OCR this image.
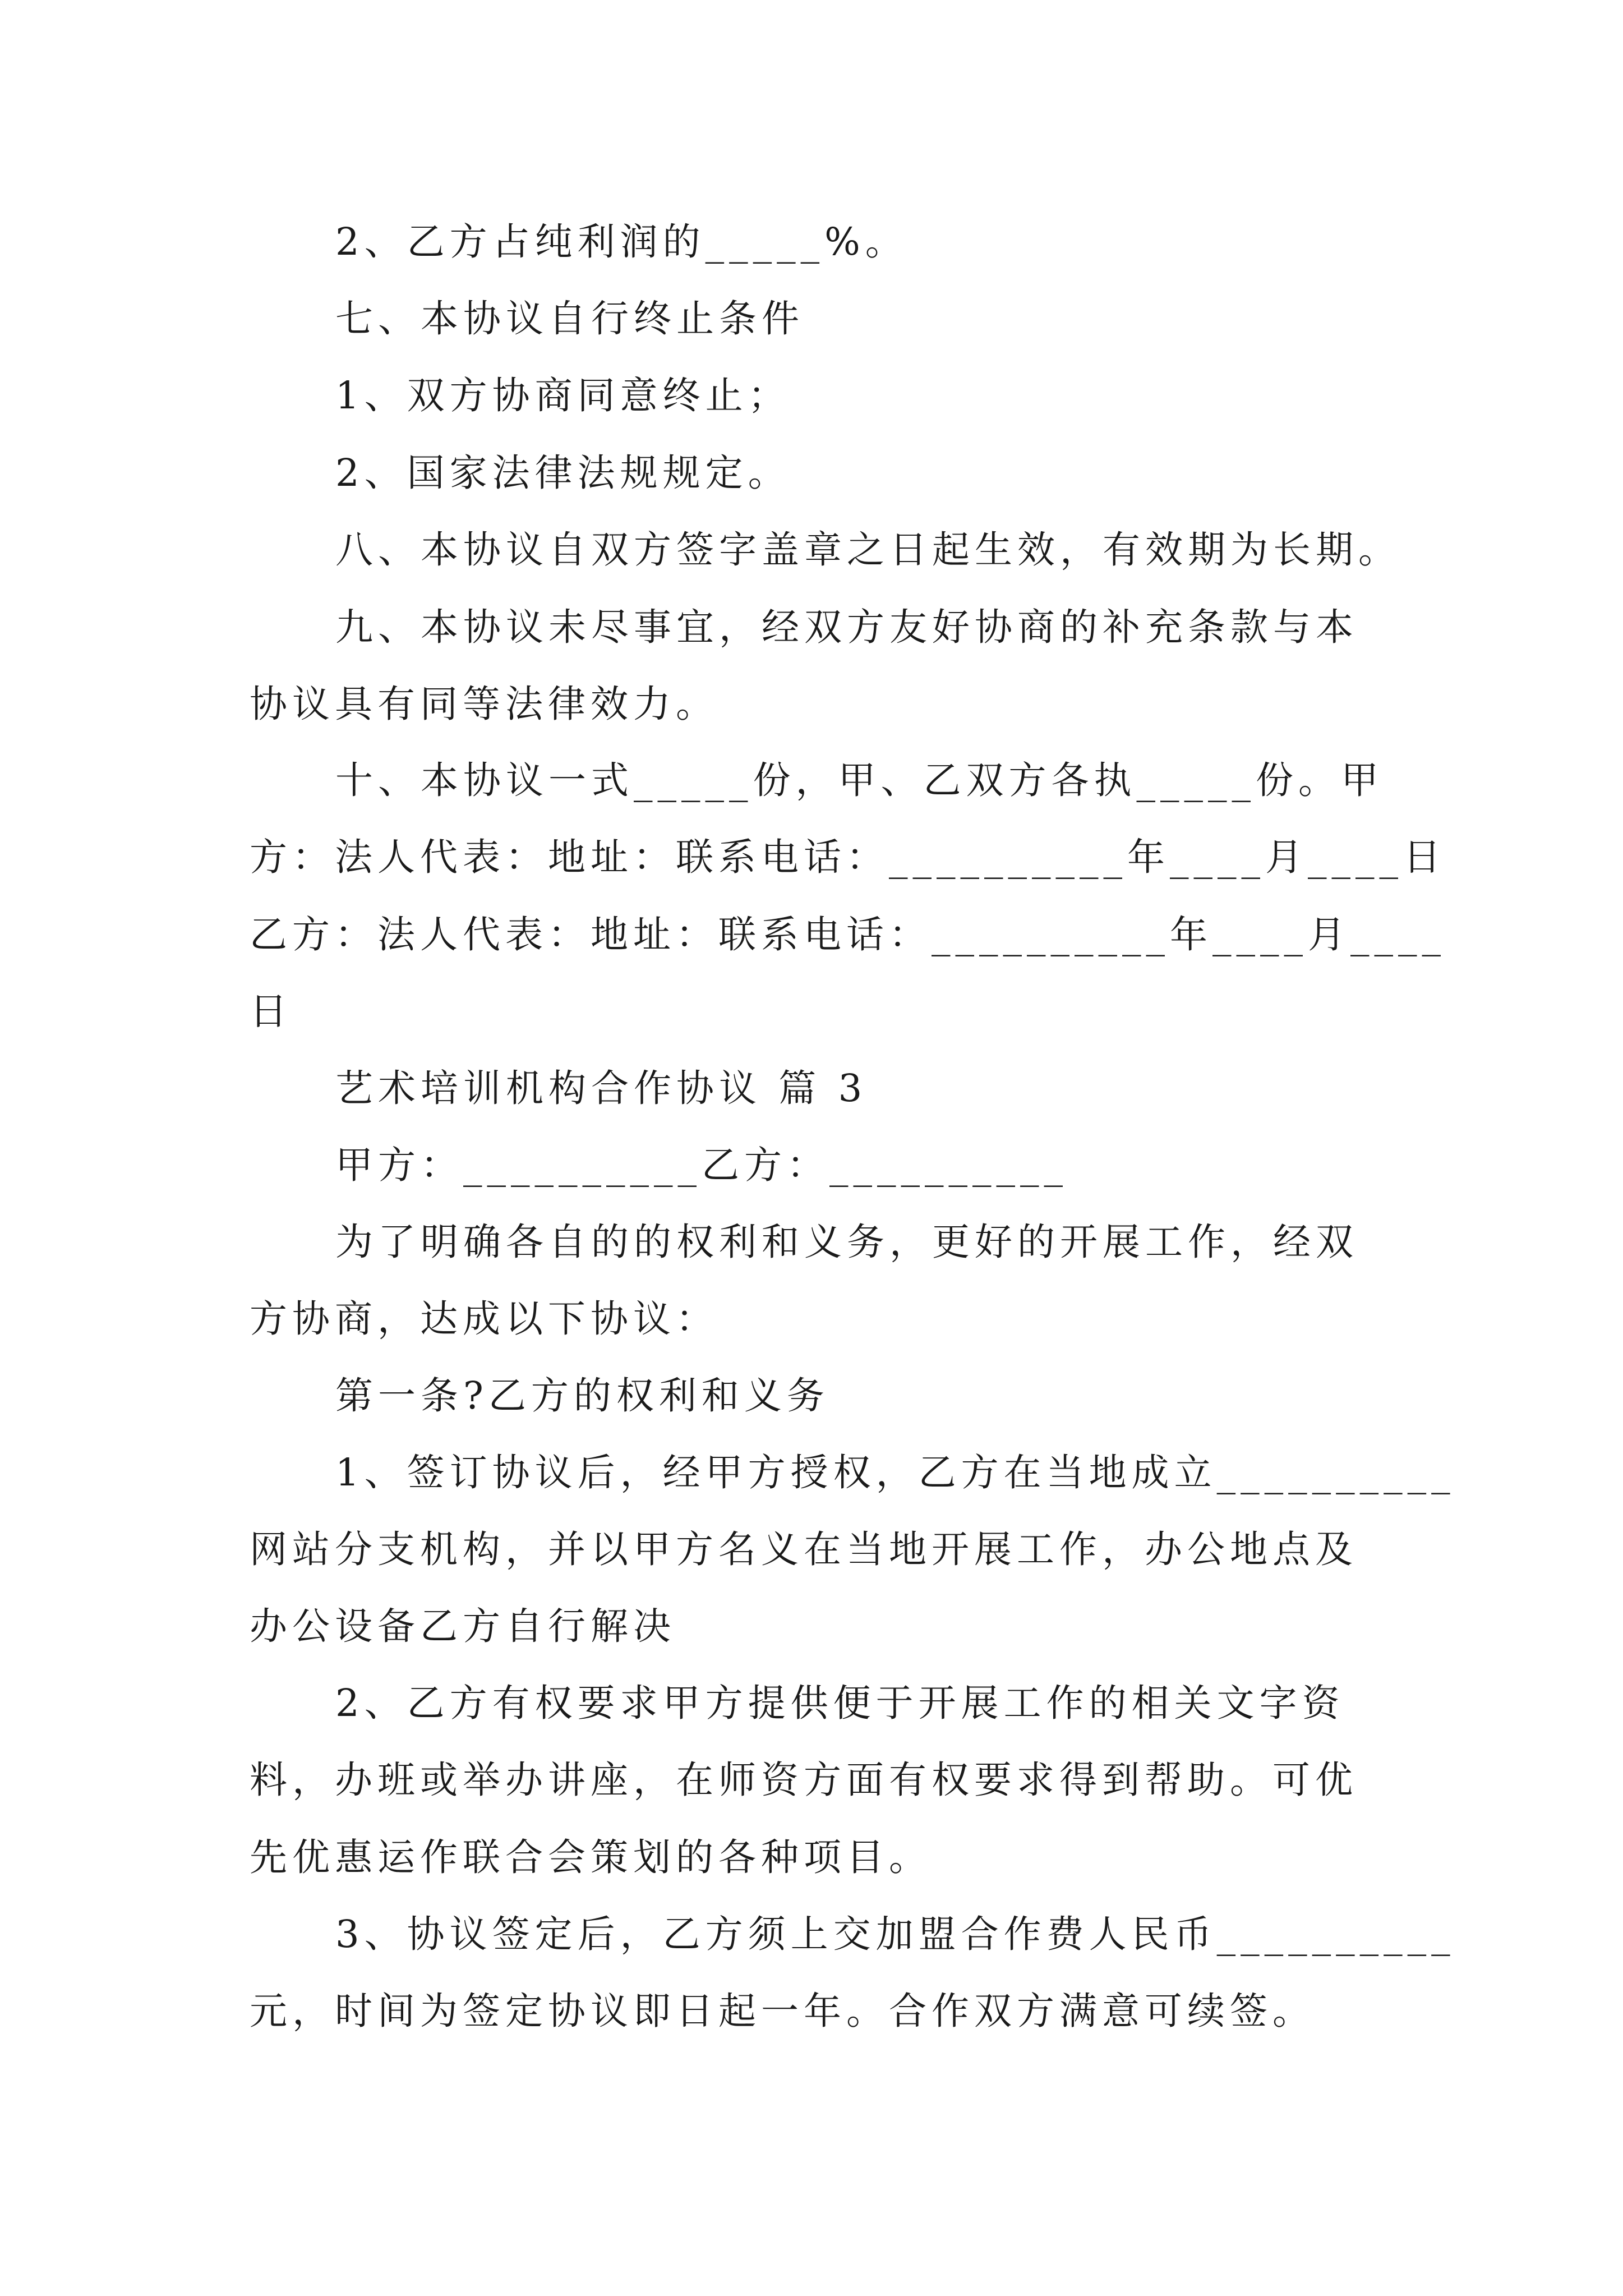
2、乙方占纯利润的_____%。
七、本协议自行终止条件
1、双方协商同意终止；
2、国家法律法规规定。
八、本协议自双方签字盖章之日起生效，有效期为长期。
九、本协议未尽事宜，经双方友好协商的补充条款与本
协议具有同等法律效力。
十、本协议一式_____份，甲、乙双方各执_____份。甲
方：法人代表：地址：联系电话：__________年____月____日
乙方：法人代表：地址：联系电话：__________年____月____
日
艺术培训机构合作协议 篇 3
甲方：__________乙方：__________
为了明确各自的的权利和义务，更好的开展工作，经双
方协商，达成以下协议：
第一条?乙方的权利和义务
1、签订协议后，经甲方授权，乙方在当地成立__________
网站分支机构，并以甲方名义在当地开展工作，办公地点及
办公设备乙方自行解决
2、乙方有权要求甲方提供便于开展工作的相关文字资
料，办班或举办讲座，在师资方面有权要求得到帮助。可优
先优惠运作联合会策划的各种项目。
3、协议签定后，乙方须上交加盟合作费人民币__________
元，时间为签定协议即日起一年。合作双方满意可续签。
